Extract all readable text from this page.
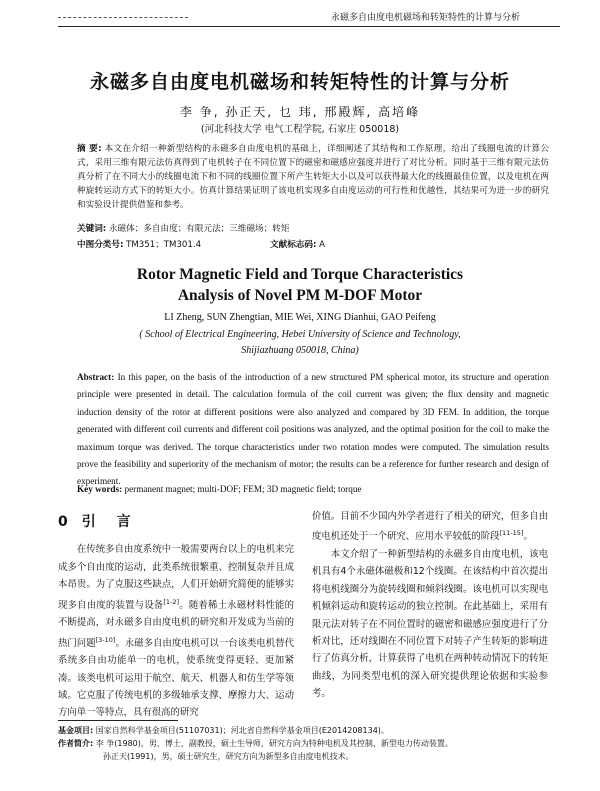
永磁多自由度电机磁场和转矩特性的计算与分析
永磁多自由度电机磁场和转矩特性的计算与分析
李 争, 孙正天, 乜 玮, 邢殿辉, 高培峰
(河北科技大学 电气工程学院, 石家庄 050018)
摘 要: 本文在介绍一种新型结构的永磁多自由度电机的基础上，详细阐述了其结构和工作原理，给出了线圈电流的计算公式，采用三维有限元法仿真得到了电机转子在不同位置下的磁密和磁感应强度并进行了对比分析。同时基于三维有限元法仿真分析了在不同大小的线圈电流下和不同的线圈位置下所产生转矩大小以及可以获得最大化的线圈最佳位置，以及电机在两种旋转运动方式下的转矩大小。仿真计算结果证明了该电机实现多自由度运动的可行性和优越性，其结果可为进一步的研究和实验设计提供借鉴和参考。
关键词: 永磁体；多自由度；有限元法；三维磁场；转矩
中图分类号: TM351；TM301.4	文献标志码: A
Rotor Magnetic Field and Torque Characteristics
Analysis of Novel PM M-DOF Motor
LI Zheng, SUN Zhengtian, MIE Wei, XING Dianhui, GAO Peifeng
( School of Electrical Engineering, Hebei University of Science and Technology,
Shijiazhuang 050018, China)
Abstract: In this paper, on the basis of the introduction of a new structured PM spherical motor, its structure and operation principle were presented in detail. The calculation formula of the coil current was given; the flux density and magnetic induction density of the rotor at different positions were also analyzed and compared by 3D FEM. In addition, the torque generated with different coil currents and different coil positions was analyzed, and the optimal position for the coil to make the maximum torque was derived. The torque characteristics under two rotation modes were computed. The simulation results prove the feasibility and superiority of the mechanism of motor; the results can be a reference for further research and design of experiment.
Key words: permanent magnet; multi-DOF; FEM; 3D magnetic field; torque
0 引 言

在传统多自由度系统中一般需要两台以上的电机来完成多个自由度的运动，此类系统很繁重、控制复杂并且成本昂贵。为了克服这些缺点，人们开始研究简便的能够实现多自由度的装置与设备[1-2]。随着稀土永磁材料性能的不断提高，对永磁多自由度电机的研究和开发成为当前的热门问题[3-10]。永磁多自由度电机可以一台该类电机替代系统多自由功能单一的电机，使系统变得更轻、更加紧凑。该类电机可运用于航空、航天、机器人和仿生学等领域。它克服了传统电机的多级轴承支撑、摩擦力大、运动方向单一等特点，具有很高的研究

价值。目前不少国内外学者进行了相关的研究，但多自由度电机还处于一个研究、应用水平较低的阶段[11-15]。

本文介绍了一种新型结构的永磁多自由度电机，该电机具有4个永磁体磁极和12个线圈。在该结构中首次提出将电机线圈分为旋转线圈和倾斜线圈。该电机可以实现电机倾斜运动和旋转运动的独立控制。在此基础上，采用有限元法对转子在不同位置时的磁密和磁感应强度进行了分析对比，还对线圈在不同位置下对转子产生转矩的影响进行了仿真分析，计算获得了电机在两种转动情况下的转矩曲线，为同类型电机的深入研究提供理论依据和实验参考。

基金项目: 国家自然科学基金项目(51107031)；河北省自然科学基金项目(E2014208134)。
作者简介: 李 争(1980)，男，博士，副教授，硕士生导师，研究方向为特种电机及其控制、新型电力传动装置。
孙正天(1991)，男，硕士研究生，研究方向为新型多自由度电机技术。
